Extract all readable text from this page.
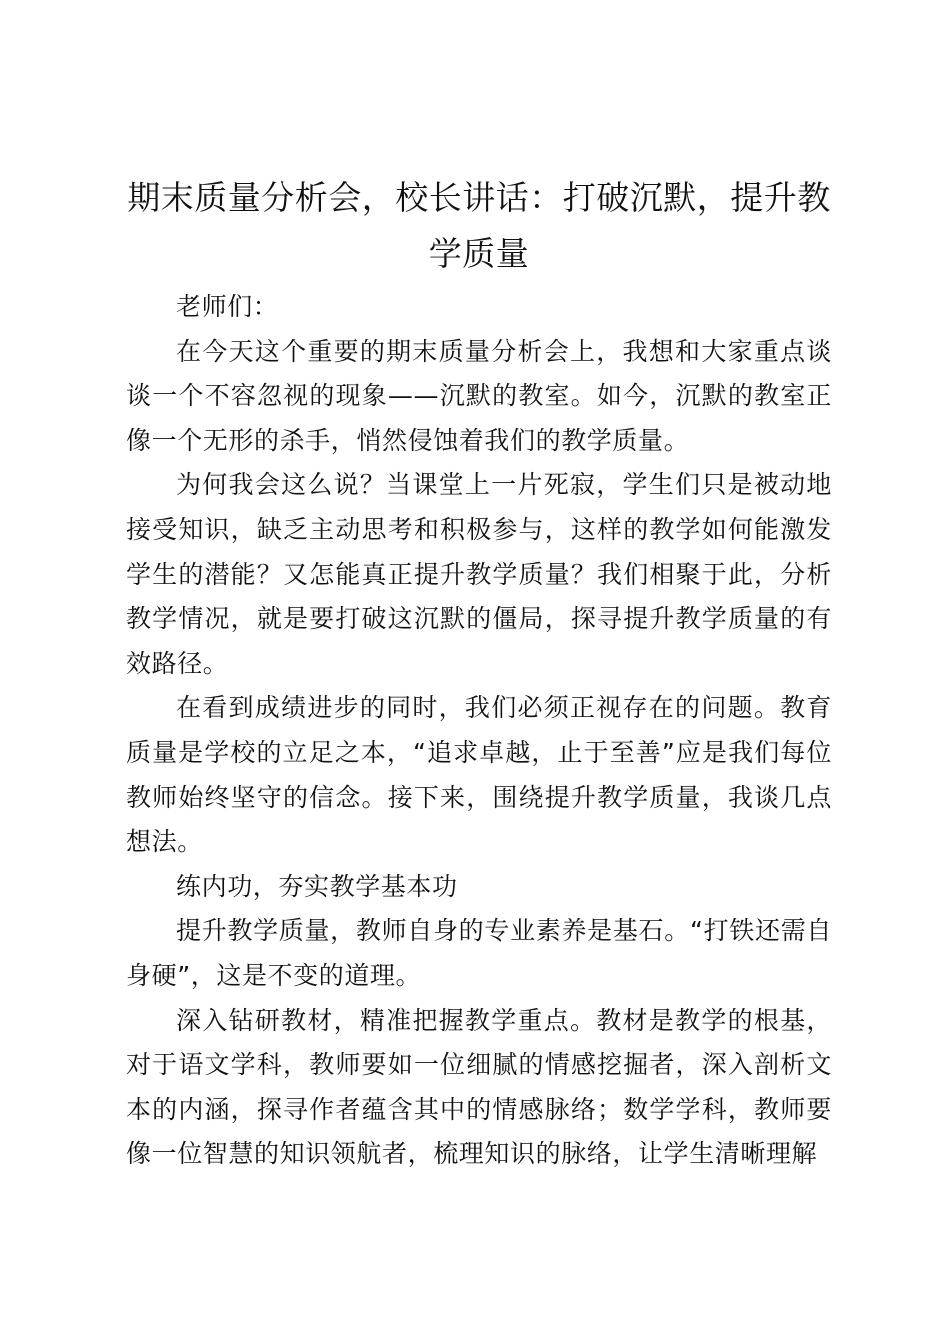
期末质量分析会，校长讲话：打破沉默，提升教学质量

老师们：

在今天这个重要的期末质量分析会上，我想和大家重点谈谈一个不容忽视的现象——沉默的教室。如今，沉默的教室正像一个无形的杀手，悄然侵蚀着我们的教学质量。

为何我会这么说？当课堂上一片死寂，学生们只是被动地接受知识，缺乏主动思考和积极参与，这样的教学如何能激发学生的潜能？又怎能真正提升教学质量？我们相聚于此，分析教学情况，就是要打破这沉默的僵局，探寻提升教学质量的有效路径。

在看到成绩进步的同时，我们必须正视存在的问题。教育质量是学校的立足之本，“追求卓越，止于至善”应是我们每位教师始终坚守的信念。接下来，围绕提升教学质量，我谈几点想法。

练内功，夯实教学基本功

提升教学质量，教师自身的专业素养是基石。“打铁还需自身硬”，这是不变的道理。

深入钻研教材，精准把握教学重点。教材是教学的根基，对于语文学科，教师要如一位细腻的情感挖掘者，深入剖析文本的内涵，探寻作者蕴含其中的情感脉络；数学学科，教师要像一位智慧的知识领航者，梳理知识的脉络，让学生清晰理解
